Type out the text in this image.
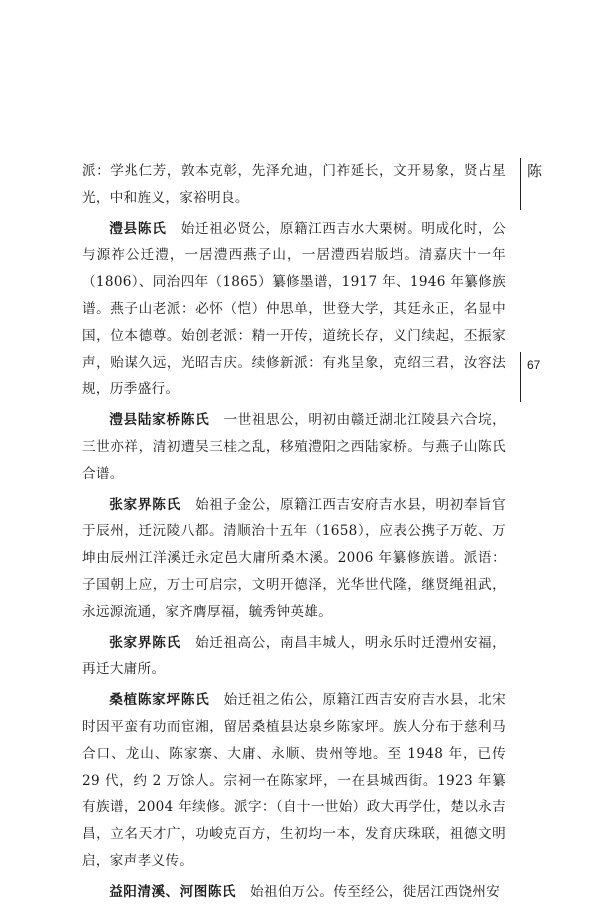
陈
67

派：学兆仁芳，敦本克彰，先泽允迪，门祚延长，文开易象，贤占星光，中和旌义，家裕明良。

澧县陈氏  始迁祖必贤公，原籍江西吉水大栗树。明成化时，公与源祚公迁澧，一居澧西燕子山，一居澧西岩版垱。清嘉庆十一年（1806）、同治四年（1865）纂修墨谱，1917 年、1946 年纂修族谱。燕子山老派：必怀（恺）仲思单，世登大学，其廷永正，名显中国，位本德尊。始创老派：精一开传，道统长存，义门续起，丕振家声，贻谋久远，光昭吉庆。续修新派：有兆呈象，克绍三君，汝容法规，历季盛行。

澧县陆家桥陈氏  一世祖思公，明初由赣迁湖北江陵县六合垸，三世亦祥，清初遭吴三桂之乱，移殖澧阳之西陆家桥。与燕子山陈氏合谱。

张家界陈氏  始祖子金公，原籍江西吉安府吉水县，明初奉旨官于辰州，迁沅陵八都。清顺治十五年（1658），应表公携子万乾、万坤由辰州江洋溪迁永定邑大庸所桑木溪。2006 年纂修族谱。派语：子国朝上应，万士可启宗，文明开德泽，光华世代隆，继贤绳祖武，永远源流通，家齐膺厚福，毓秀钟英雄。

张家界陈氏  始迁祖高公，南昌丰城人，明永乐时迁澧州安福，再迁大庸所。

桑植陈家坪陈氏  始迁祖之佑公，原籍江西吉安府吉水县，北宋时因平蛮有功而宦湘，留居桑植县达泉乡陈家坪。族人分布于慈利马合口、龙山、陈家寨、大庸、永顺、贵州等地。至 1948 年，已传 29 代，约 2 万馀人。宗祠一在陈家坪，一在县城西街。1923 年纂有族谱，2004 年续修。派字：（自十一世始）政大再学仕，楚以永吉昌，立名天才广，功峻克百方，生初均一本，发育庆珠联，祖德文明启，家声孝义传。

益阳清溪、河图陈氏  始祖伯万公。传至经公，徙居江西饶州安
